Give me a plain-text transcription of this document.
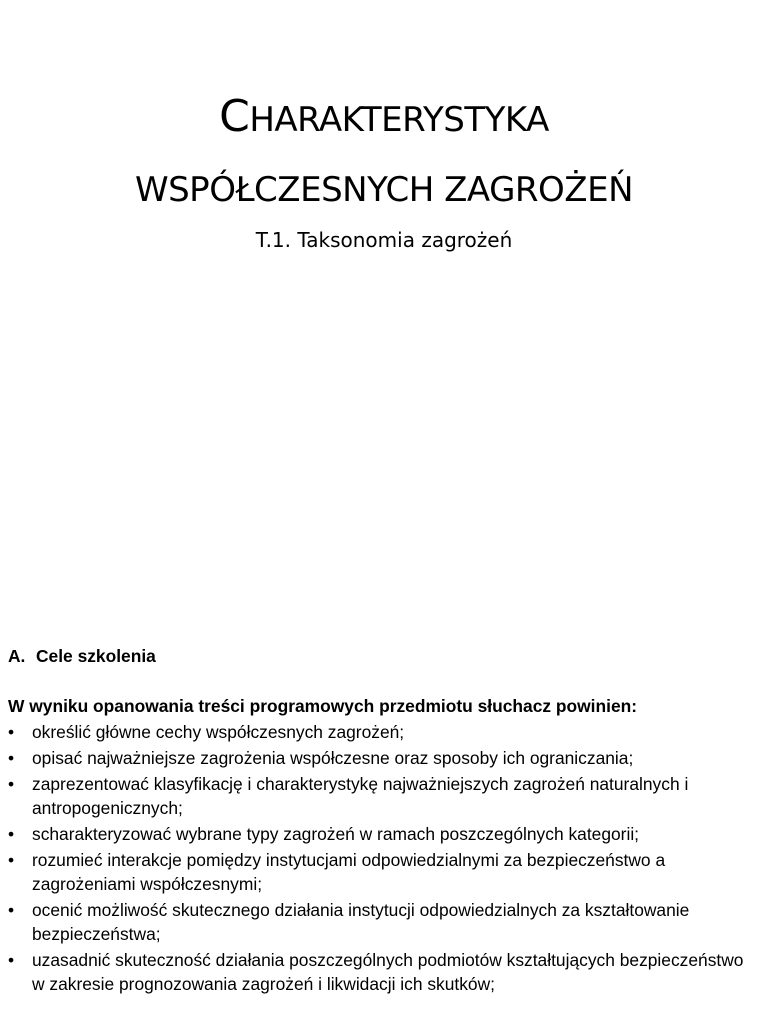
CHARAKTERYSTYKA
WSPÓŁCZESNYCH ZAGROŻEŃ

T.1. Taksonomia zagrożeń

A. Cele szkolenia

W wyniku opanowania treści programowych przedmiotu słuchacz powinien:

• określić główne cechy współczesnych zagrożeń;
• opisać najważniejsze zagrożenia współczesne oraz sposoby ich ograniczania;
• zaprezentować klasyfikację i charakterystykę najważniejszych zagrożeń naturalnych i antropogenicznych;
• scharakteryzować wybrane typy zagrożeń w ramach poszczególnych kategorii;
• rozumieć interakcje pomiędzy instytucjami odpowiedzialnymi za bezpieczeństwo a zagrożeniami współczesnymi;
• ocenić możliwość skutecznego działania instytucji odpowiedzialnych za kształtowanie bezpieczeństwa;
• uzasadnić skuteczność działania poszczególnych podmiotów kształtujących bezpieczeństwo w zakresie prognozowania zagrożeń i likwidacji ich skutków;
